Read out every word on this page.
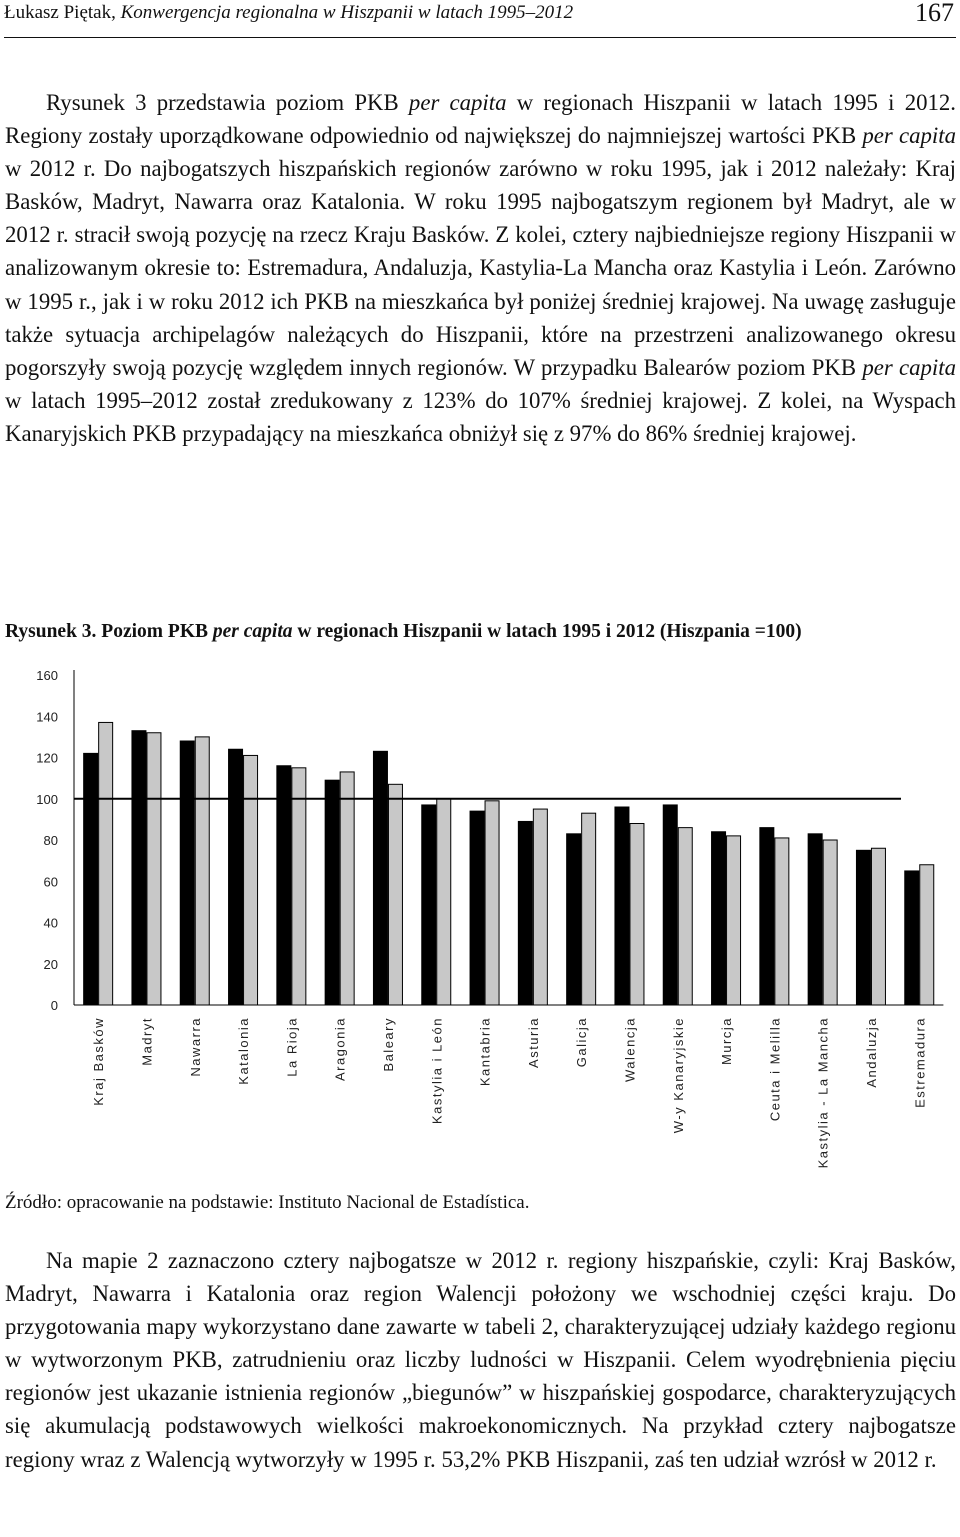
Łukasz Piętak, Konwergencja regionalna w Hiszpanii w latach 1995–2012	167
Rysunek 3 przedstawia poziom PKB per capita w regionach Hiszpanii w latach 1995 i 2012. Regiony zostały uporządkowane odpowiednio od największej do najmniejszej wartości PKB per capita w 2012 r. Do najbogatszych hiszpańskich regionów zarówno w roku 1995, jak i 2012 należały: Kraj Basków, Madryt, Nawarra oraz Katalonia. W roku 1995 najbogatszym regionem był Madryt, ale w 2012 r. stracił swoją pozycję na rzecz Kraju Basków. Z kolei, cztery najbiedniejsze regiony Hiszpanii w analizowanym okresie to: Estremadura, Andaluzja, Kastylia-La Mancha oraz Kastylia i León. Zarówno w 1995 r., jak i w roku 2012 ich PKB na mieszkańca był poniżej średniej krajowej. Na uwagę zasługuje także sytuacja archipelagów należących do Hiszpanii, które na przestrzeni analizowanego okresu pogorszyły swoją pozycję względem innych regionów. W przypadku Balearów poziom PKB per capita w latach 1995–2012 został zredukowany z 123% do 107% średniej krajowej. Z kolei, na Wyspach Kanaryjskich PKB przypadający na mieszkańca obniżył się z 97% do 86% średniej krajowej.
Rysunek 3. Poziom PKB per capita w regionach Hiszpanii w latach 1995 i 2012 (Hiszpania =100)
0
20
40
60
80
100
120
140
160
Kraj Basków	Madryt	Nawarra	Katalonia	La Rioja	Aragonia	Baleary	Kastylia i León	Kantabria	Asturia	Galicja	Walencja	W-y Kanaryjskie	Murcja	Ceuta i Melilla	Kastylia - La Mancha	Andaluzja	Estremadura
Źródło: opracowanie na podstawie: Instituto Nacional de Estadística.
Na mapie 2 zaznaczono cztery najbogatsze w 2012 r. regiony hiszpańskie, czyli: Kraj Basków, Madryt, Nawarra i Katalonia oraz region Walencji położony we wschodniej części kraju. Do przygotowania mapy wykorzystano dane zawarte w tabeli 2, charakteryzującej udziały każdego regionu w wytworzonym PKB, zatrudnieniu oraz liczby ludności w Hiszpanii. Celem wyodrębnienia pięciu regionów jest ukazanie istnienia regionów „biegunów” w hiszpańskiej gospodarce, charakteryzujących się akumulacją podstawowych wielkości makroekonomicznych. Na przykład cztery najbogatsze regiony wraz z Walencją wytworzyły w 1995 r. 53,2% PKB Hiszpanii, zaś ten udział wzrósł w 2012 r.
